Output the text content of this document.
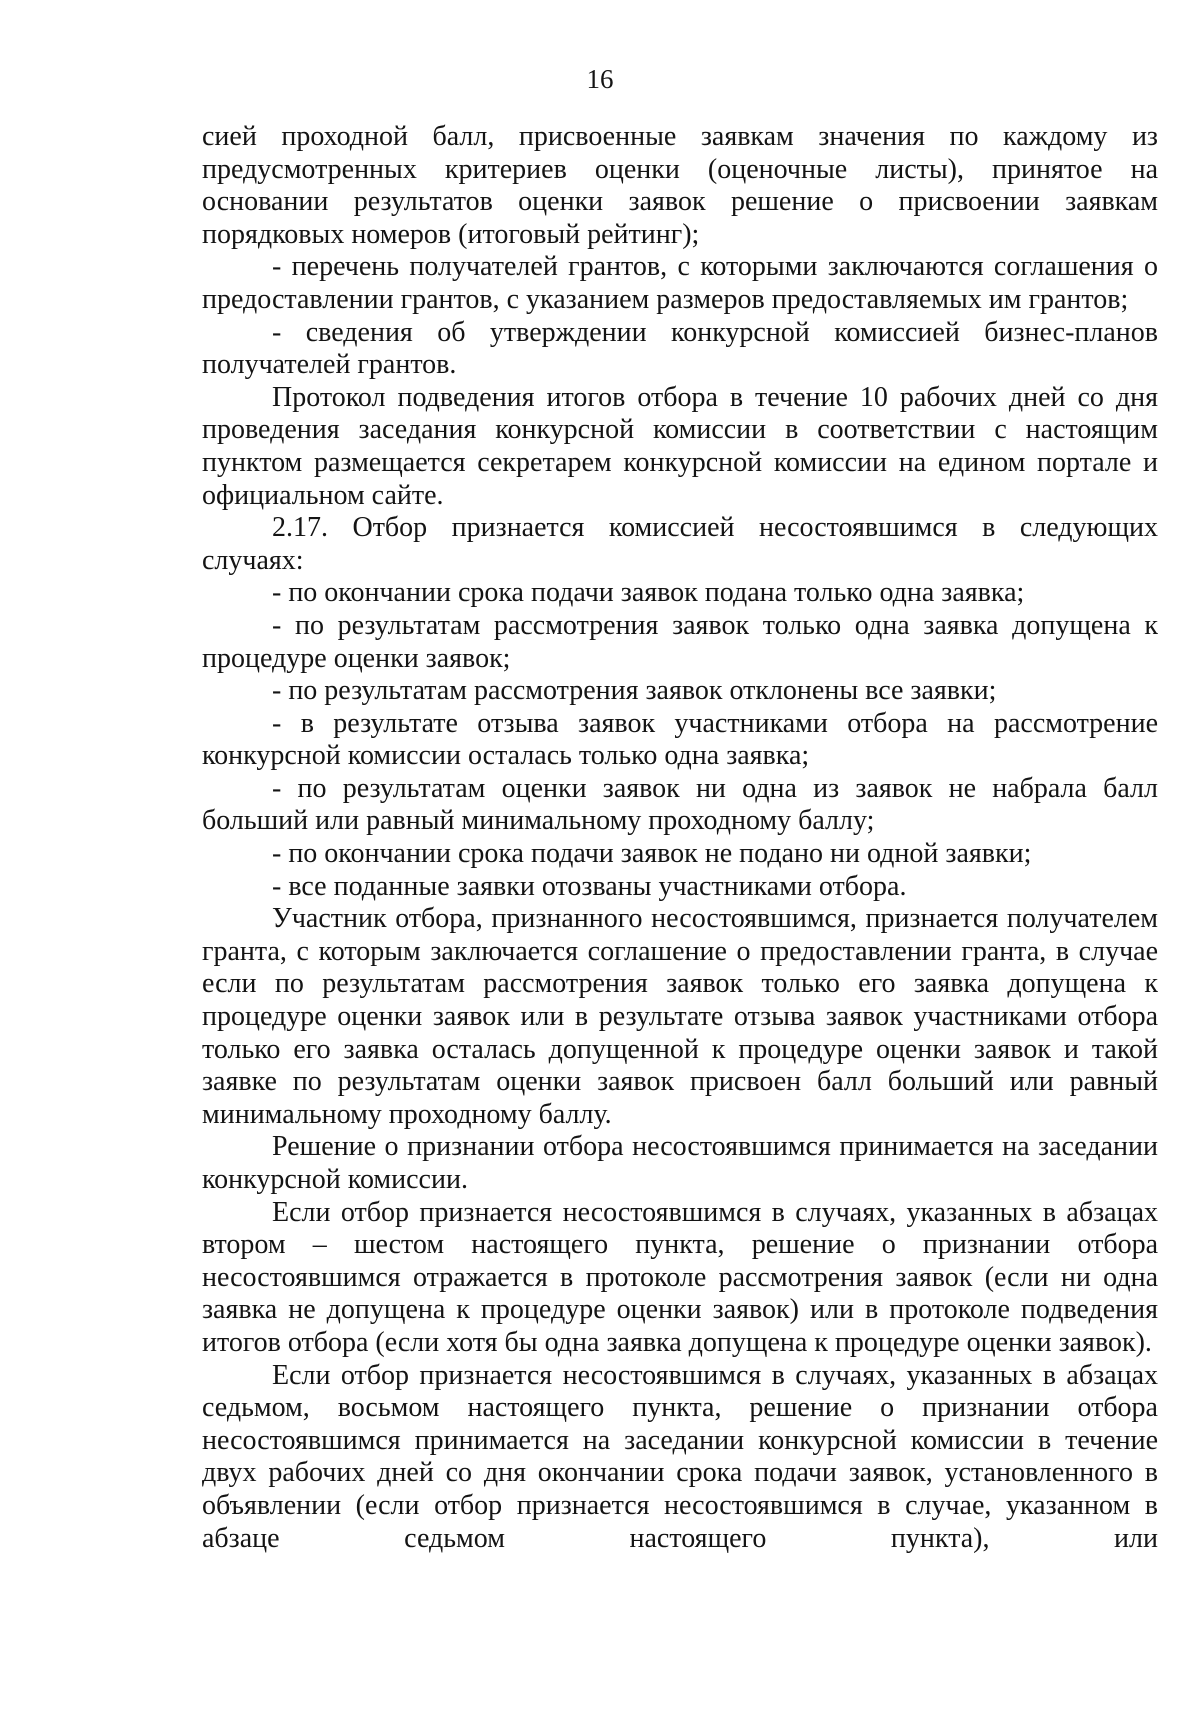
16

сией проходной балл, присвоенные заявкам значения по каждому из предусмотренных критериев оценки (оценочные листы), принятое на основании результатов оценки заявок решение о присвоении заявкам порядковых номеров (итоговый рейтинг);

- перечень получателей грантов, с которыми заключаются соглашения о предоставлении грантов, с указанием размеров предоставляемых им грантов;

- сведения об утверждении конкурсной комиссией бизнес-планов получателей грантов.

Протокол подведения итогов отбора в течение 10 рабочих дней со дня проведения заседания конкурсной комиссии в соответствии с настоящим пунктом размещается секретарем конкурсной комиссии на едином портале и официальном сайте.

2.17. Отбор признается комиссией несостоявшимся в следующих случаях:

- по окончании срока подачи заявок подана только одна заявка;

- по результатам рассмотрения заявок только одна заявка допущена к процедуре оценки заявок;

- по результатам рассмотрения заявок отклонены все заявки;

- в результате отзыва заявок участниками отбора на рассмотрение конкурсной комиссии осталась только одна заявка;

- по результатам оценки заявок ни одна из заявок не набрала балл больший или равный минимальному проходному баллу;

- по окончании срока подачи заявок не подано ни одной заявки;

- все поданные заявки отозваны участниками отбора.

Участник отбора, признанного несостоявшимся, признается получателем гранта, с которым заключается соглашение о предоставлении гранта, в случае если по результатам рассмотрения заявок только его заявка допущена к процедуре оценки заявок или в результате отзыва заявок участниками отбора только его заявка осталась допущенной к процедуре оценки заявок и такой заявке по результатам оценки заявок присвоен балл больший или равный минимальному проходному баллу.

Решение о признании отбора несостоявшимся принимается на заседании конкурсной комиссии.

Если отбор признается несостоявшимся в случаях, указанных в абзацах втором – шестом настоящего пункта, решение о признании отбора несостоявшимся отражается в протоколе рассмотрения заявок (если ни одна заявка не допущена к процедуре оценки заявок) или в протоколе подведения итогов отбора (если хотя бы одна заявка допущена к процедуре оценки заявок).

Если отбор признается несостоявшимся в случаях, указанных в абзацах седьмом, восьмом настоящего пункта, решение о признании отбора несостоявшимся принимается на заседании конкурсной комиссии в течение двух рабочих дней со дня окончании срока подачи заявок, установленного в объявлении (если отбор признается несостоявшимся в случае, указанном в абзаце седьмом настоящего пункта), или
